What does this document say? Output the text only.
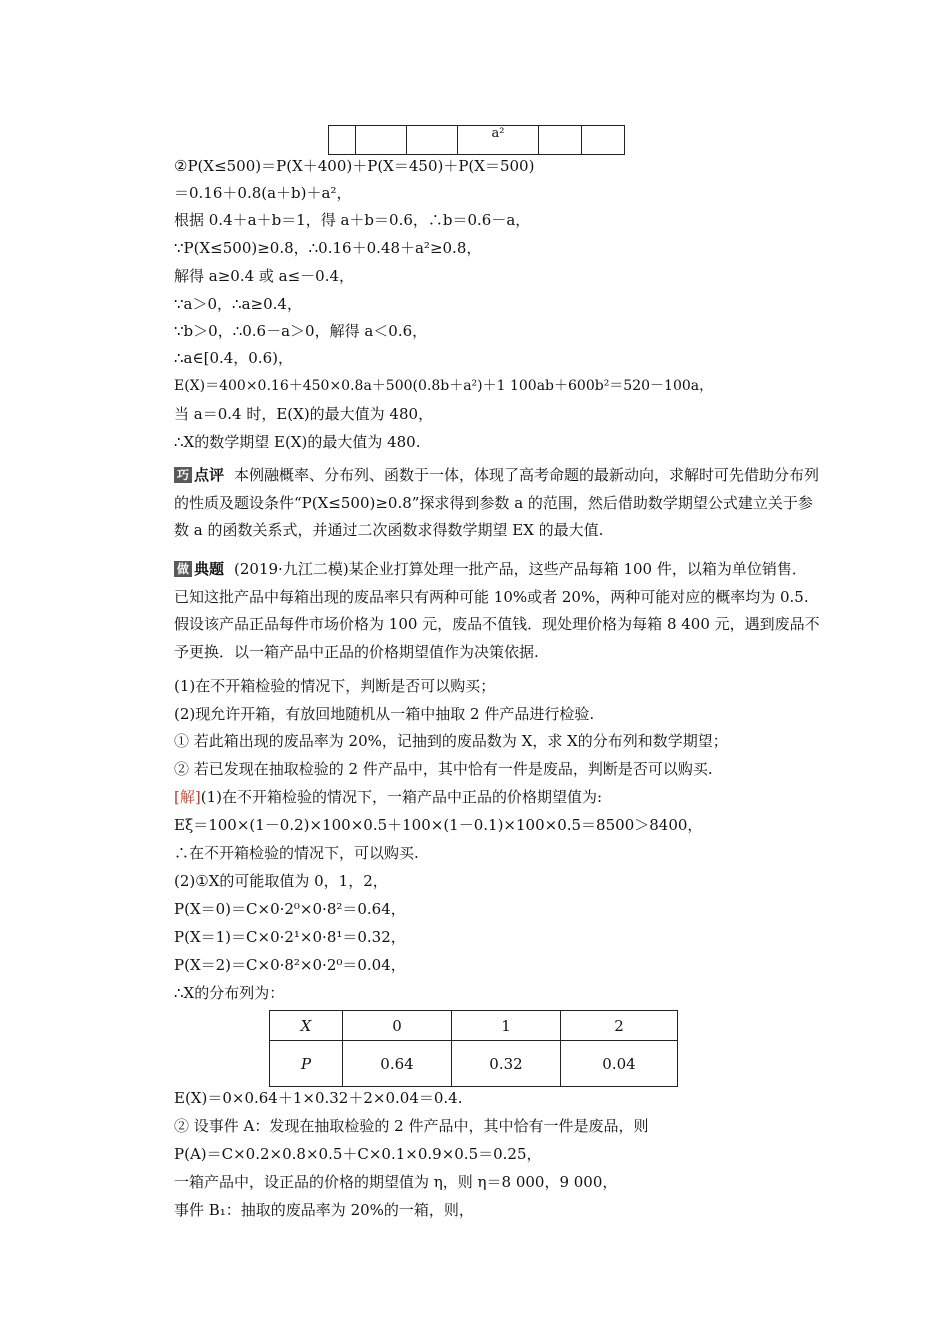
			a²		
②P(X≤500)＝P(X＋400)＋P(X＝450)＋P(X＝500)
＝0.16＋0.8(a＋b)＋a²，
根据 0.4＋a＋b＝1，得 a＋b＝0.6，∴b＝0.6－a，
∵P(X≤500)≥0.8，∴0.16＋0.48＋a²≥0.8，
解得 a≥0.4 或 a≤－0.4，
∵a＞0，∴a≥0.4，
∵b＞0，∴0.6－a＞0，解得 a＜0.6，
∴a∈[0.4，0.6)，
E(X)＝400×0.16＋450×0.8a＋500(0.8b＋a²)＋1 100ab＋600b²＝520－100a，
当 a＝0.4 时，E(X)的最大值为 480，
∴X的数学期望 E(X)的最大值为 480.
巧 点评 本例融概率、分布列、函数于一体，体现了高考命题的最新动向，求解时可先借助分布列的性质及题设条件“P(X≤500)≥0.8”探求得到参数 a 的范围，然后借助数学期望公式建立关于参数 a 的函数关系式，并通过二次函数求得数学期望 EX 的最大值.
做 典题 (2019·九江二模)某企业打算处理一批产品，这些产品每箱 100 件，以箱为单位销售．已知这批产品中每箱出现的废品率只有两种可能 10%或者 20%，两种可能对应的概率均为 0.5.假设该产品正品每件市场价格为 100 元，废品不值钱．现处理价格为每箱 8 400 元，遇到废品不予更换．以一箱产品中正品的价格期望值作为决策依据.
(1)在不开箱检验的情况下，判断是否可以购买；
(2)现允许开箱，有放回地随机从一箱中抽取 2 件产品进行检验.
① 若此箱出现的废品率为 20%，记抽到的废品数为 X，求 X的分布列和数学期望；
② 若已发现在抽取检验的 2 件产品中，其中恰有一件是废品，判断是否可以购买.
[解](1)在不开箱检验的情况下，一箱产品中正品的价格期望值为:
Eξ＝100×(1－0.2)×100×0.5＋100×(1－0.1)×100×0.5＝8500＞8400，
∴在不开箱检验的情况下，可以购买.
(2)①X的可能取值为 0，1，2，
P(X＝0)＝C×0·2⁰×0·8²＝0.64，
P(X＝1)＝C×0·2¹×0·8¹＝0.32，
P(X＝2)＝C×0·8²×0·2⁰＝0.04，
∴X的分布列为：
X	0	1	2
P	0.64	0.32	0.04
E(X)＝0×0.64＋1×0.32＋2×0.04＝0.4.
② 设事件 A：发现在抽取检验的 2 件产品中，其中恰有一件是废品，则
P(A)＝C×0.2×0.8×0.5＋C×0.1×0.9×0.5＝0.25，
一箱产品中，设正品的价格的期望值为 η，则 η＝8 000，9 000，
事件 B₁：抽取的废品率为 20%的一箱，则，
